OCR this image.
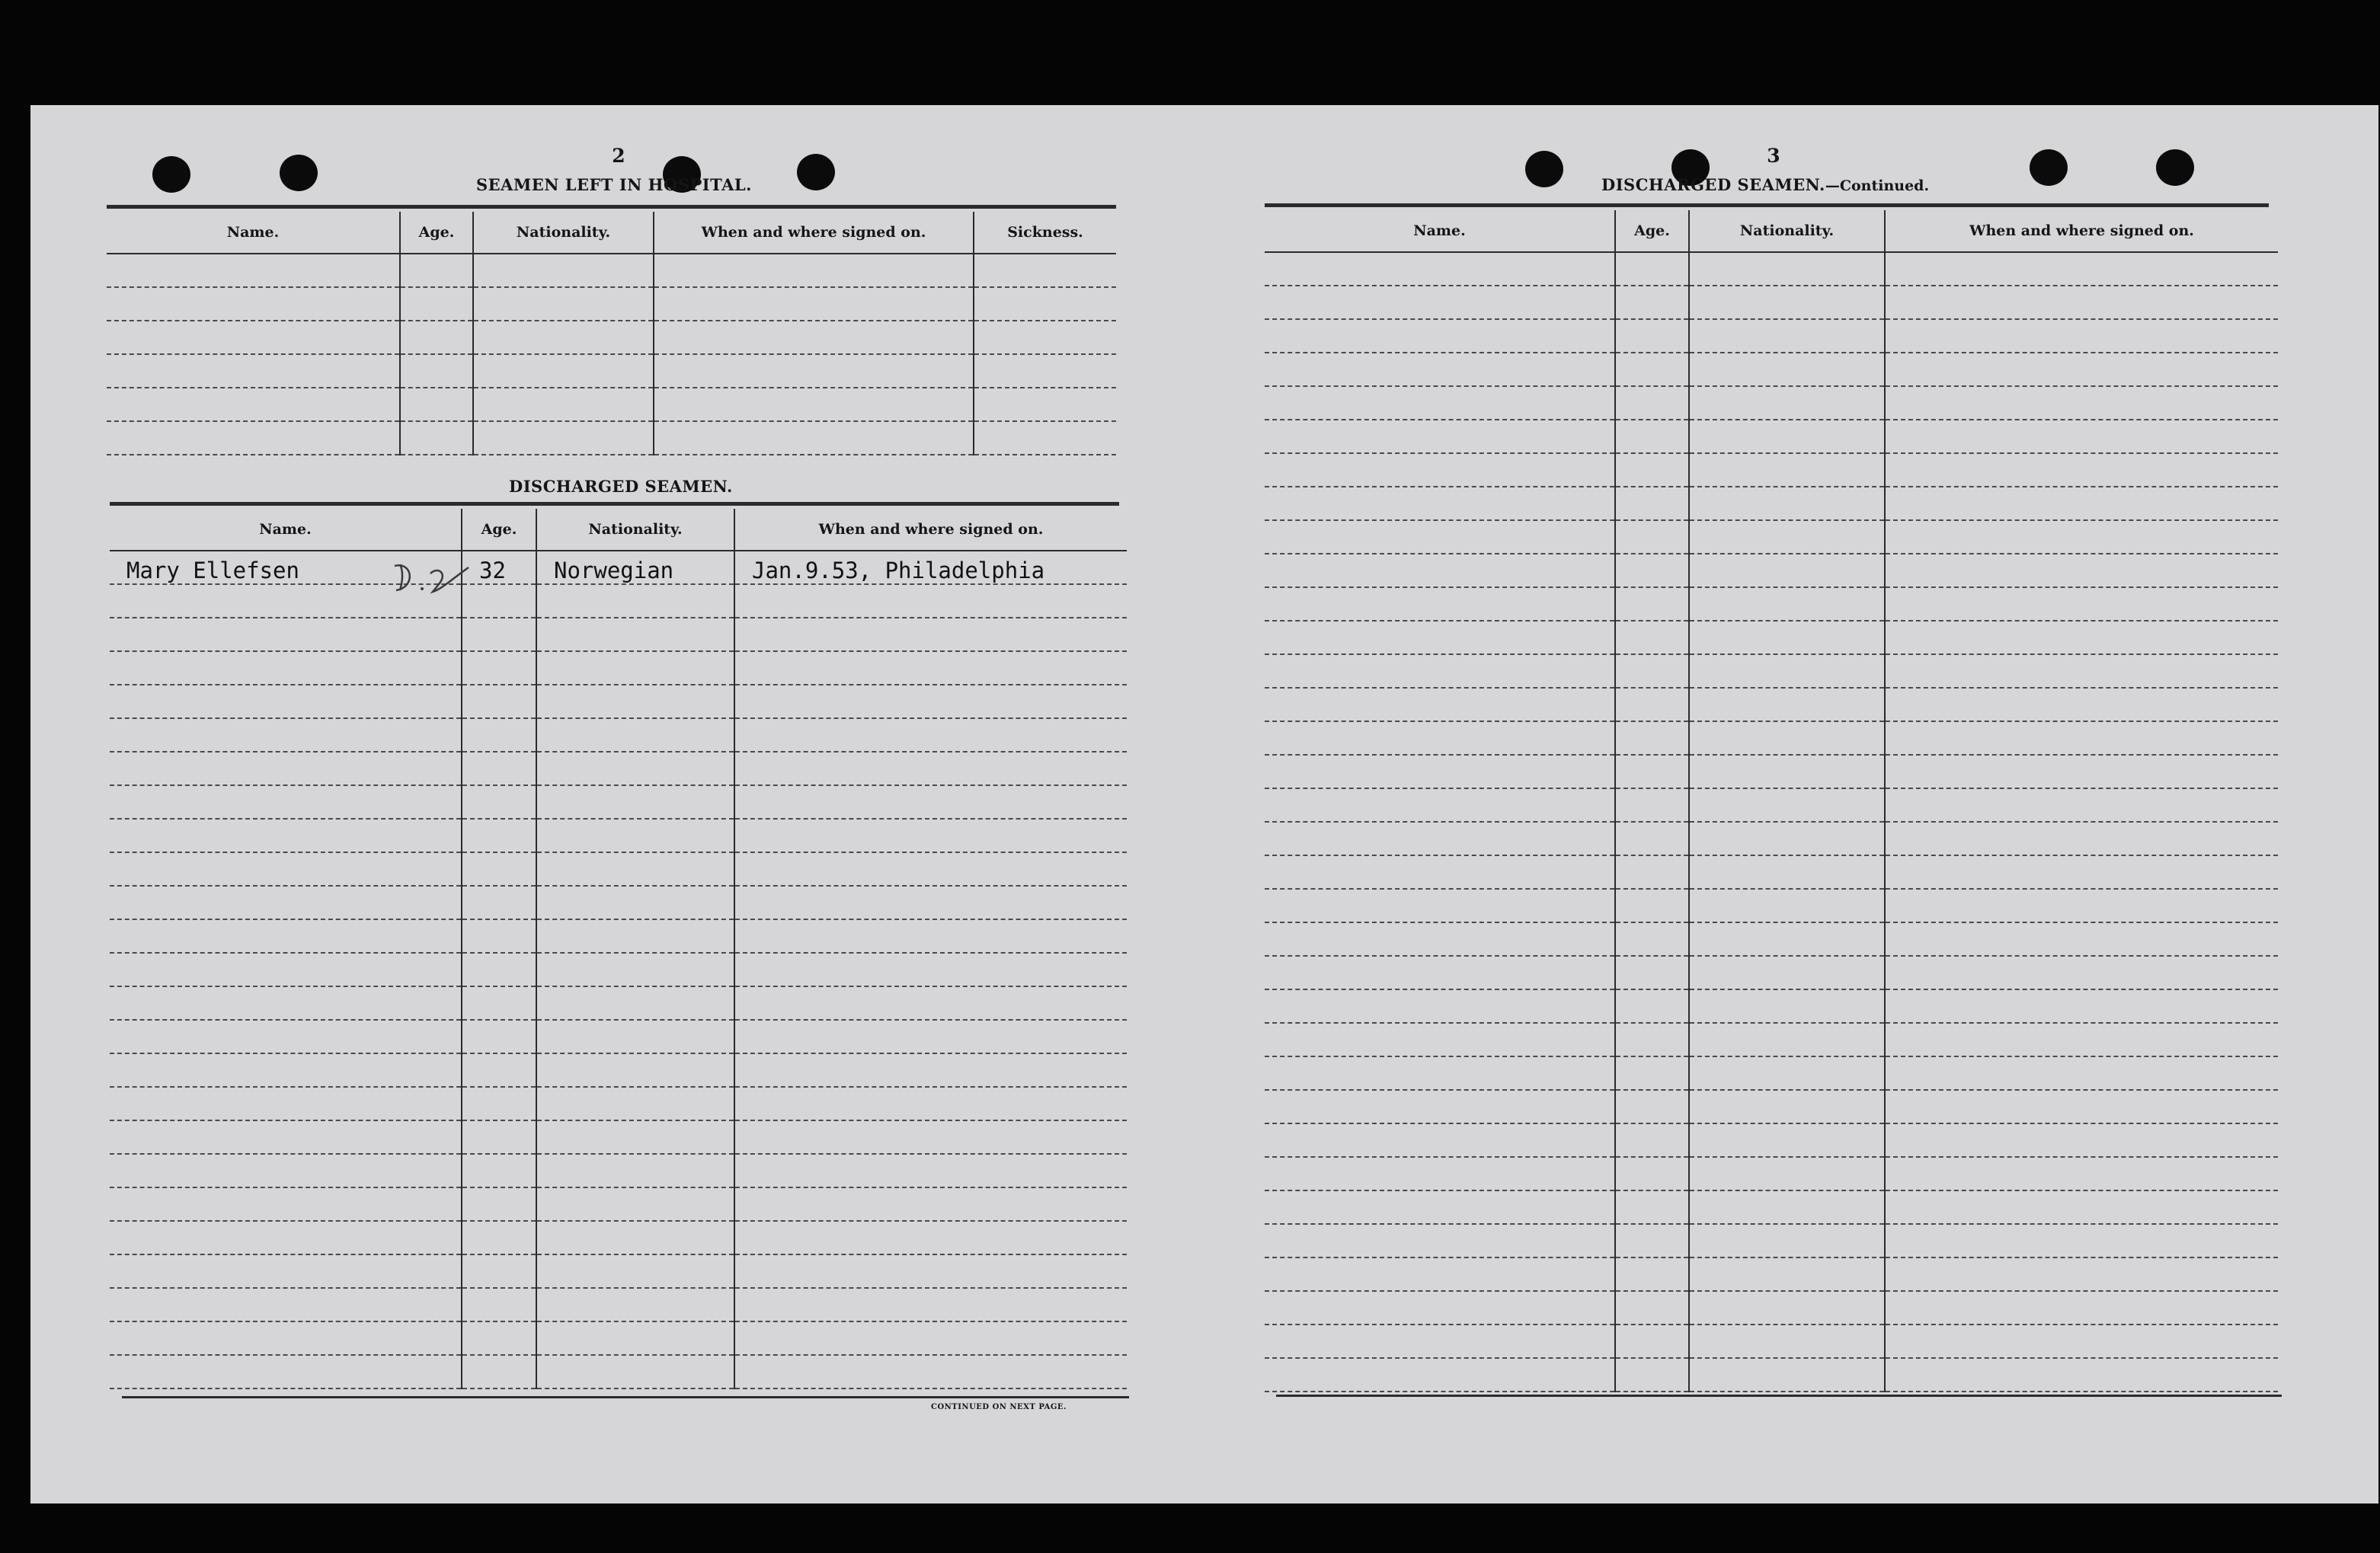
2
SEAMEN LEFT IN HOSPITAL.
Name.	Age.	Nationality.	When and where signed on.	Sickness.

DISCHARGED SEAMEN.
Name.	Age.	Nationality.	When and where signed on.
Mary Ellefsen	32	Norwegian	Jan.9.53, Philadelphia

CONTINUED ON NEXT PAGE.
3
DISCHARGED SEAMEN.—Continued.
Name.	Age.	Nationality.	When and where signed on.
